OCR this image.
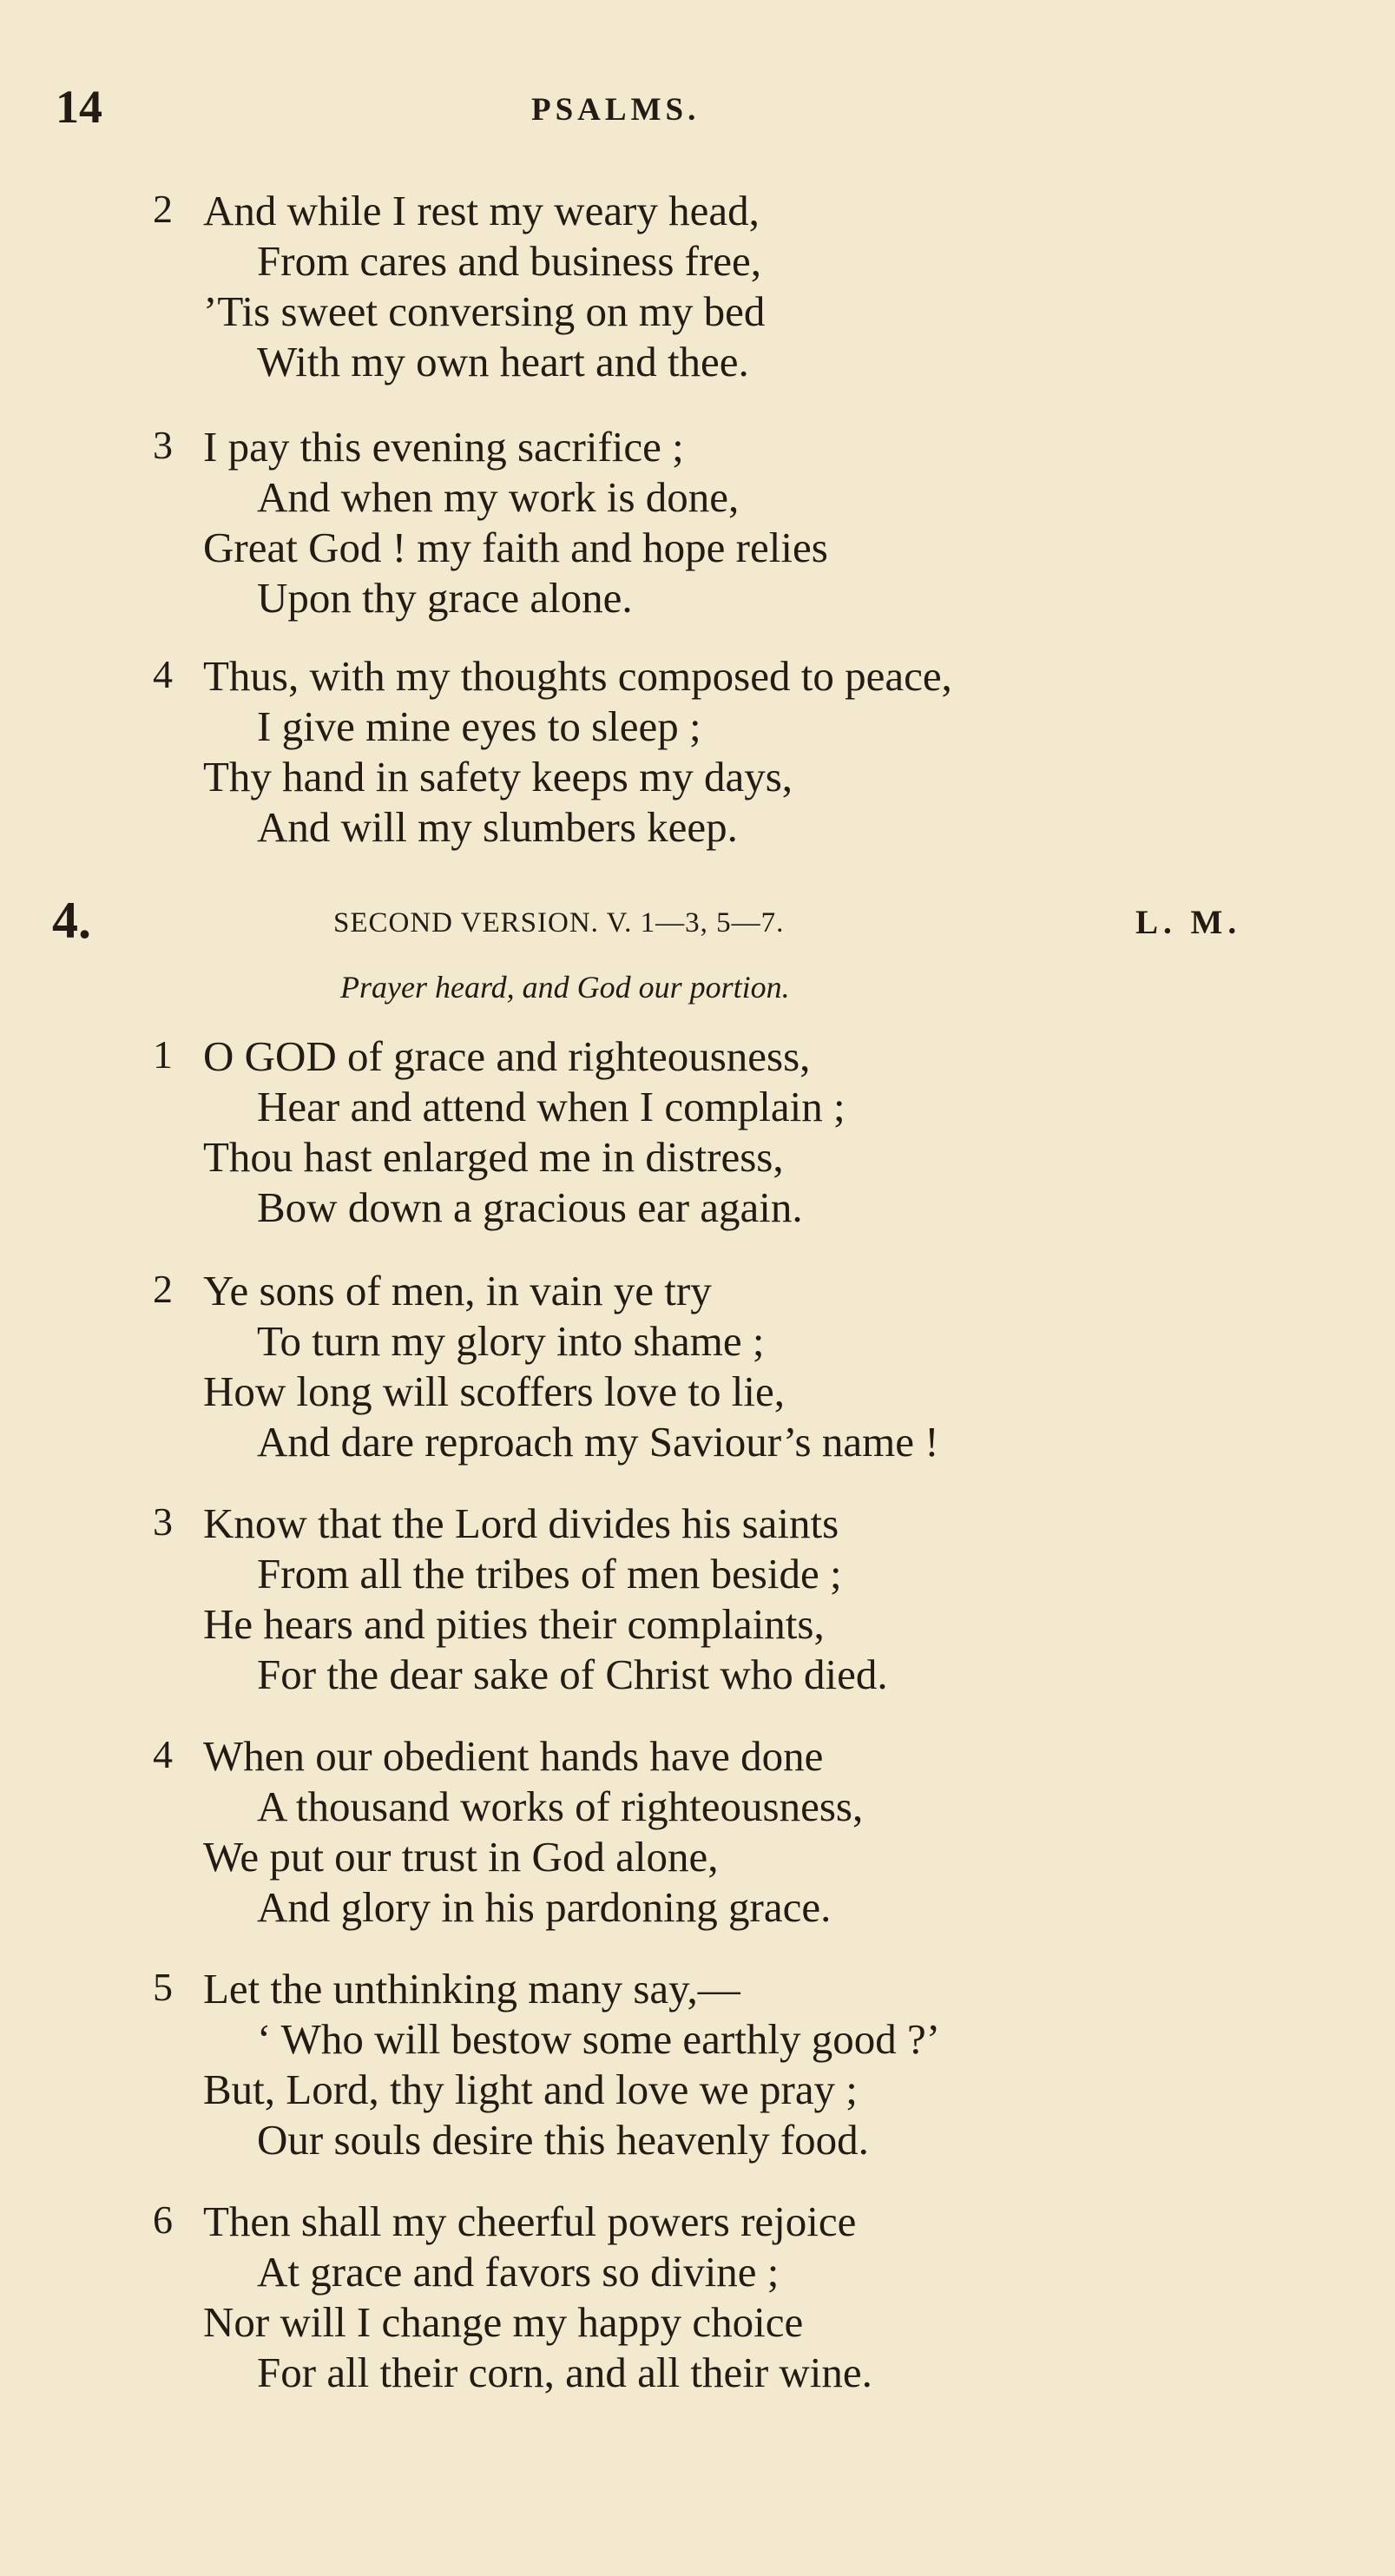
14	PSALMS.
2 And while I rest my weary head,
From cares and business free,
’Tis sweet conversing on my bed
With my own heart and thee.
3 I pay this evening sacrifice ;
And when my work is done,
Great God ! my faith and hope relies
Upon thy grace alone.
4 Thus, with my thoughts composed to peace,
I give mine eyes to sleep ;
Thy hand in safety keeps my days,
And will my slumbers keep.
4.	SECOND VERSION. V. 1—3, 5—7.	L. M.
Prayer heard, and God our portion.
1 O GOD of grace and righteousness,
Hear and attend when I complain ;
Thou hast enlarged me in distress,
Bow down a gracious ear again.
2 Ye sons of men, in vain ye try
To turn my glory into shame ;
How long will scoffers love to lie,
And dare reproach my Saviour’s name !
3 Know that the Lord divides his saints
From all the tribes of men beside ;
He hears and pities their complaints,
For the dear sake of Christ who died.
4 When our obedient hands have done
A thousand works of righteousness,
We put our trust in God alone,
And glory in his pardoning grace.
5 Let the unthinking many say,—
‘ Who will bestow some earthly good ?’
But, Lord, thy light and love we pray ;
Our souls desire this heavenly food.
6 Then shall my cheerful powers rejoice
At grace and favors so divine ;
Nor will I change my happy choice
For all their corn, and all their wine.
